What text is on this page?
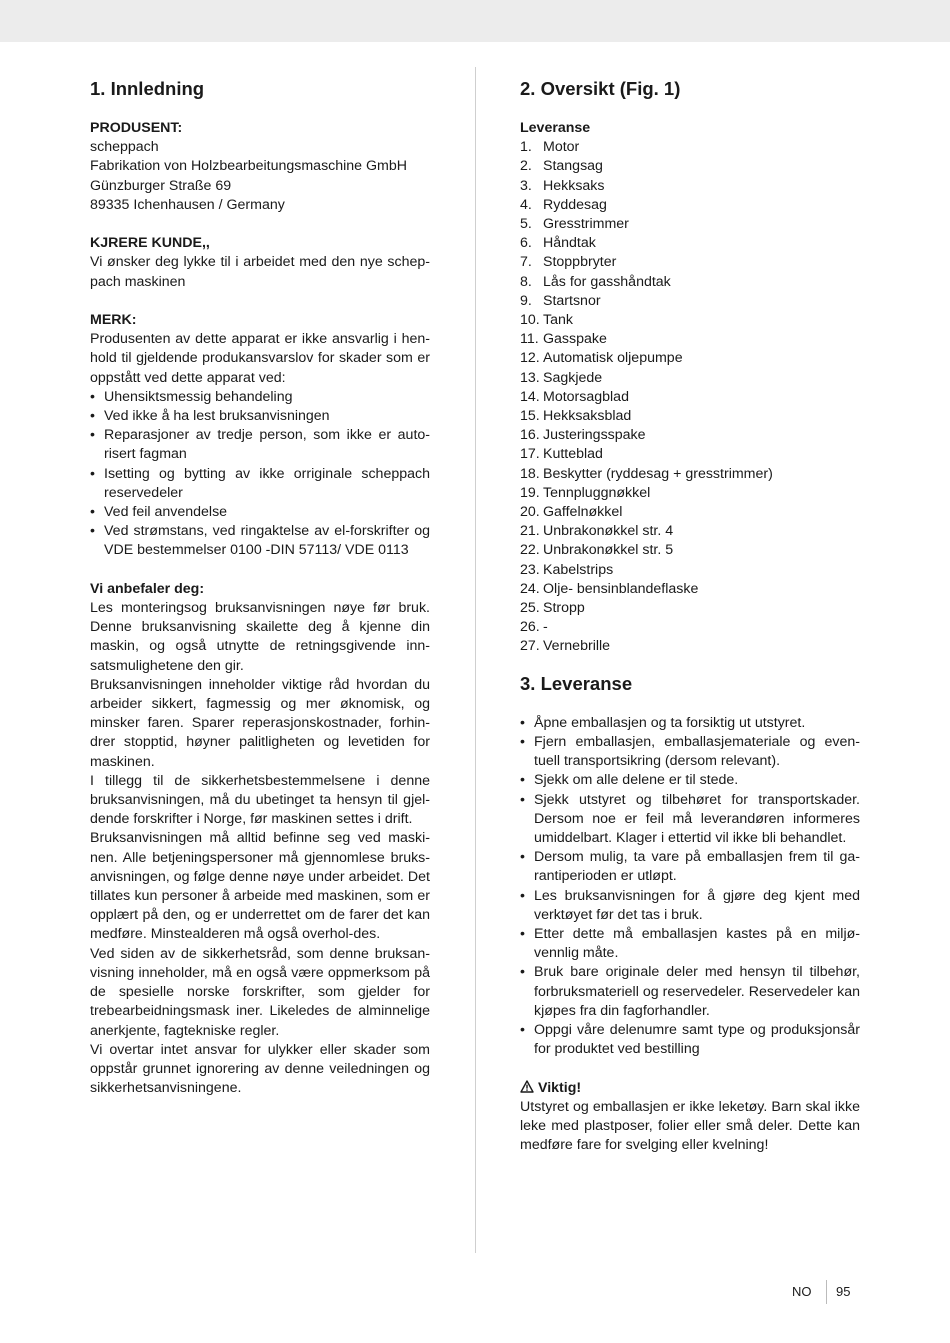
1. Innledning

PRODUSENT:

scheppach

Fabrikation von Holzbearbeitungsmaschine GmbH

Günzburger Straße 69

89335 Ichenhausen / Germany

KJRERE KUNDE,,

Vi ønsker deg lykke til i arbeidet med den nye schep-pach maskinen

MERK:

Produsenten av dette apparat er ikke ansvarlig i hen-hold til gjeldende produkansvarslov for skader som er oppstått ved dette apparat ved:

• Uhensiktsmessig behandeling
• Ved ikke å ha lest bruksanvisningen
• Reparasjoner av tredje person, som ikke er auto-risert fagman
• Isetting og bytting av ikke orriginale scheppach reservedeler
• Ved feil anvendelse
• Ved strømstans, ved ringaktelse av el-forskrifter og VDE bestemmelser 0100 -DIN 57113/ VDE 0113

Vi anbefaler deg:

Les monteringsog bruksanvisningen nøye før bruk. Denne bruksanvisning skailette deg å kjenne din maskin, og også utnytte de retningsgivende inn-satsmulighetene den gir.

Bruksanvisningen inneholder viktige råd hvordan du arbeider sikkert, fagmessig og mer øknomisk, og minsker faren. Sparer reperasjonskostnader, forhin-drer stopptid, høyner palitligheten og levetiden for maskinen.

I tillegg til de sikkerhetsbestemmelsene i denne bruksanvisningen, må du ubetinget ta hensyn til gjel-dende forskrifter i Norge, før maskinen settes i drift.

Bruksanvisningen må alltid befinne seg ved maski-nen. Alle betjeningspersoner må gjennomlese bruks-anvisningen, og følge denne nøye under arbeidet. Det tillates kun personer å arbeide med maskinen, som er opplært på den, og er underrettet om de farer det kan medføre. Minstealderen må også overhol-des.

Ved siden av de sikkerhetsråd, som denne bruksan-visning inneholder, må en også være oppmerksom på de spesielle norske forskrifter, som gjelder for trebearbeidningsmask iner. Likeledes de alminnelige anerkjente, fagtekniske regler.

Vi overtar intet ansvar for ulykker eller skader som oppstår grunnet ignorering av denne veiledningen og sikkerhetsanvisningene.

2. Oversikt (Fig. 1)

Leveranse

1. Motor
2. Stangsag
3. Hekksaks
4. Ryddesag
5. Gresstrimmer
6. Håndtak
7. Stoppbryter
8. Lås for gasshåndtak
9. Startsnor
10. Tank
11. Gasspake
12. Automatisk oljepumpe
13. Sagkjede
14. Motorsagblad
15. Hekksaksblad
16. Justeringsspake
17. Kutteblad
18. Beskytter (ryddesag + gresstrimmer)
19. Tennpluggnøkkel
20. Gaffelnøkkel
21. Unbrakonøkkel str. 4
22. Unbrakonøkkel str. 5
23. Kabelstrips
24. Olje- bensinblandeflaske
25. Stropp
26. -
27. Vernebrille
3. Leveranse
• Åpne emballasjen og ta forsiktig ut utstyret.
• Fjern emballasjen, emballasjemateriale og even-tuell transportsikring (dersom relevant).
• Sjekk om alle delene er til stede.
• Sjekk utstyret og tilbehøret for transportskader. Dersom noe er feil må leverandøren informeres umiddelbart. Klager i ettertid vil ikke bli behandlet.
• Dersom mulig, ta vare på emballasjen frem til ga-rantiperioden er utløpt.
• Les bruksanvisningen for å gjøre deg kjent med verktøyet før det tas i bruk.
• Etter dette må emballasjen kastes på en miljø-vennlig måte.
• Bruk bare originale deler med hensyn til tilbehør, forbruksmateriell og reservedeler. Reservedeler kan kjøpes fra din fagforhandler.
• Oppgi våre delenumre samt type og produksjonsår for produktet ved bestilling

Viktig!

Utstyret og emballasjen er ikke leketøy. Barn skal ikke leke med plastposer, folier eller små deler. Dette kan medføre fare for svelging eller kvelning!

NO 95
